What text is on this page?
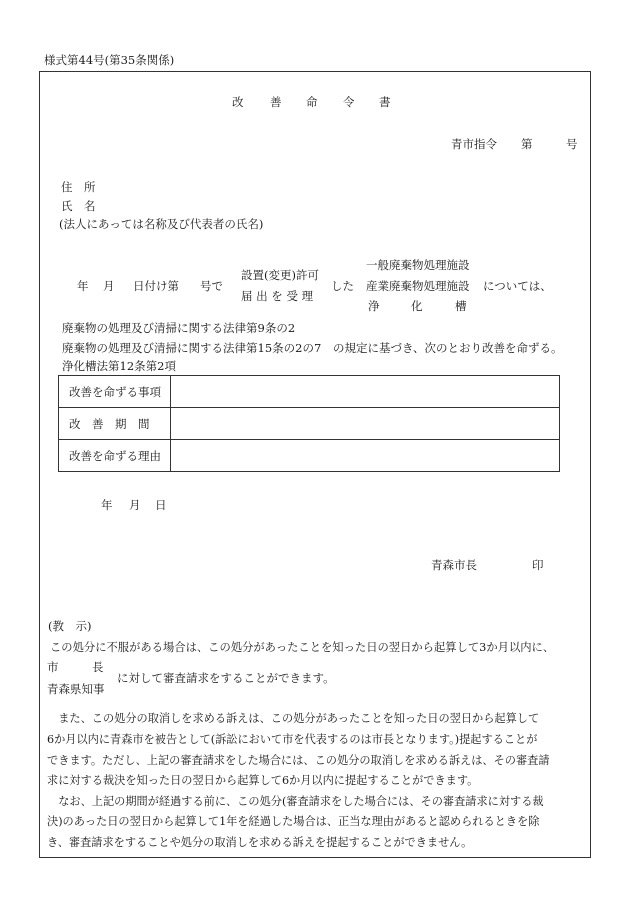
様式第44号(第35条関係)
改 善 命 令 書
青市指令 第	号
住　所
氏　名
(法人にあっては名称及び代表者の氏名)
年 月 日付け第 号で
設置(変更)許可
届 出 を 受 理
した
一般廃棄物処理施設
産業廃棄物処理施設
浄	化	槽
については、
廃棄物の処理及び清掃に関する法律第9条の2
廃棄物の処理及び清掃に関する法律第15条の2の7 の規定に基づき、次のとおり改善を命ずる。
浄化槽法第12条第2項
改善を命ずる事項	
改　善　期　間	
改善を命ずる理由	
年 月 日
青森市長	印
(教　示)
この処分に不服がある場合は、この処分があったことを知った日の翌日から起算して3か月以内に、
市	長
青森県知事
に対して審査請求をすることができます。
　また、この処分の取消しを求める訴えは、この処分があったことを知った日の翌日から起算して
6か月以内に青森市を被告として(訴訟において市を代表するのは市長となります。)提起することが
できます。ただし、上記の審査請求をした場合には、この処分の取消しを求める訴えは、その審査請
求に対する裁決を知った日の翌日から起算して6か月以内に提起することができます。
　なお、上記の期間が経過する前に、この処分(審査請求をした場合には、その審査請求に対する裁
決)のあった日の翌日から起算して1年を経過した場合は、正当な理由があると認められるときを除
き、審査請求をすることや処分の取消しを求める訴えを提起することができません。
